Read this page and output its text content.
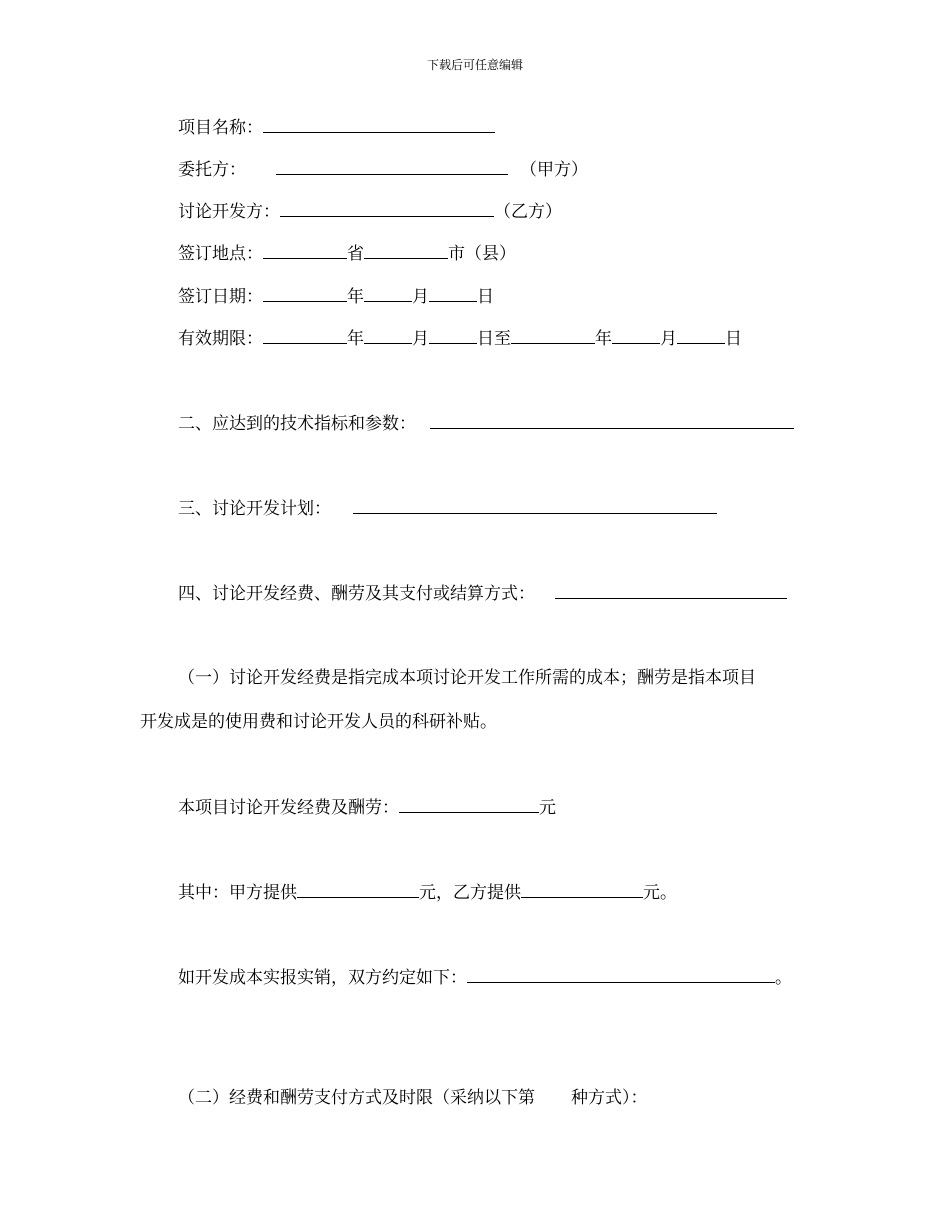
下载后可任意编辑
项目名称：
委托方：	（甲方）
讨论开发方：	（乙方）
签订地点：	省	市（县）
签订日期：	年	月	日
有效期限：	年	月	日至	年	月	日
二、应达到的技术指标和参数：
三、讨论开发计划：
四、讨论开发经费、酬劳及其支付或结算方式：
（一）讨论开发经费是指完成本项讨论开发工作所需的成本；酬劳是指本项目
开发成是的使用费和讨论开发人员的科研补贴。
本项目讨论开发经费及酬劳：	元
其中：甲方提供	元，乙方提供	元。
如开发成本实报实销，双方约定如下：	。
（二）经费和酬劳支付方式及时限（采纳以下第 种方式）：
